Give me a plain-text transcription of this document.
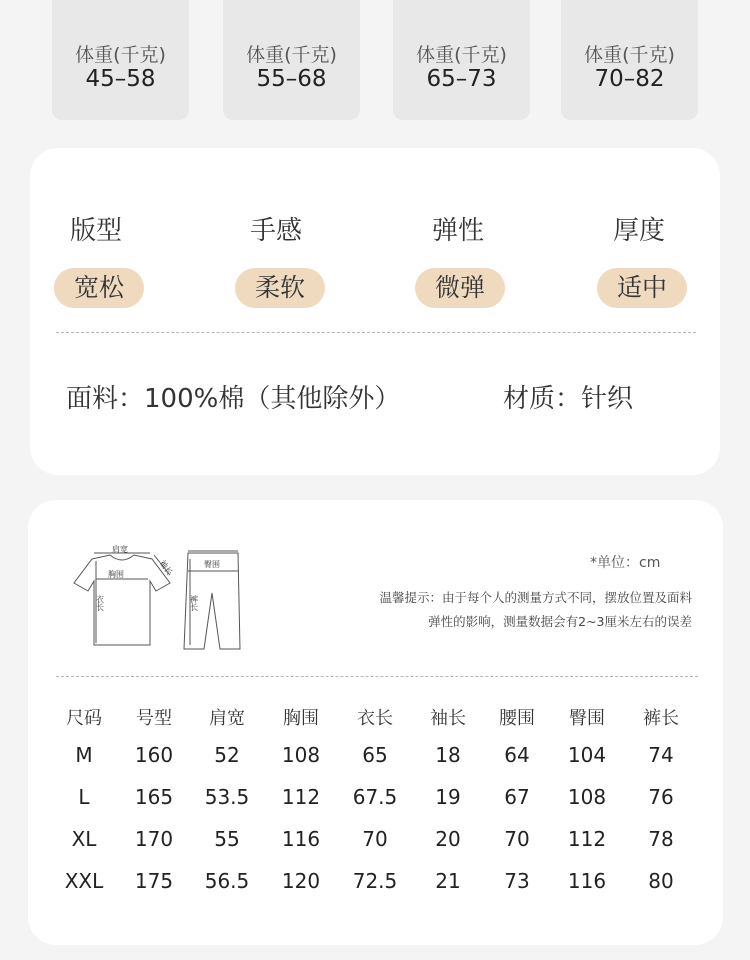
体重(千克)
45–58
体重(千克)
55–68
体重(千克)
65–73
体重(千克)
70–82
版型	手感	弹性	厚度
宽松	柔软	微弹	适中
面料：100%棉（其他除外）	材质：针织
肩宽
胸围	袖长
衣长
臀围
裤长
*单位：cm
温馨提示：由于每个人的测量方式不同，摆放位置及面料
弹性的影响，测量数据会有2~3厘米左右的误差
尺码	号型	肩宽	胸围	衣长	袖长	腰围	臀围	裤长
M	160	52	108	65	18	64	104	74
L	165	53.5	112	67.5	19	67	108	76
XL	170	55	116	70	20	70	112	78
XXL	175	56.5	120	72.5	21	73	116	80
